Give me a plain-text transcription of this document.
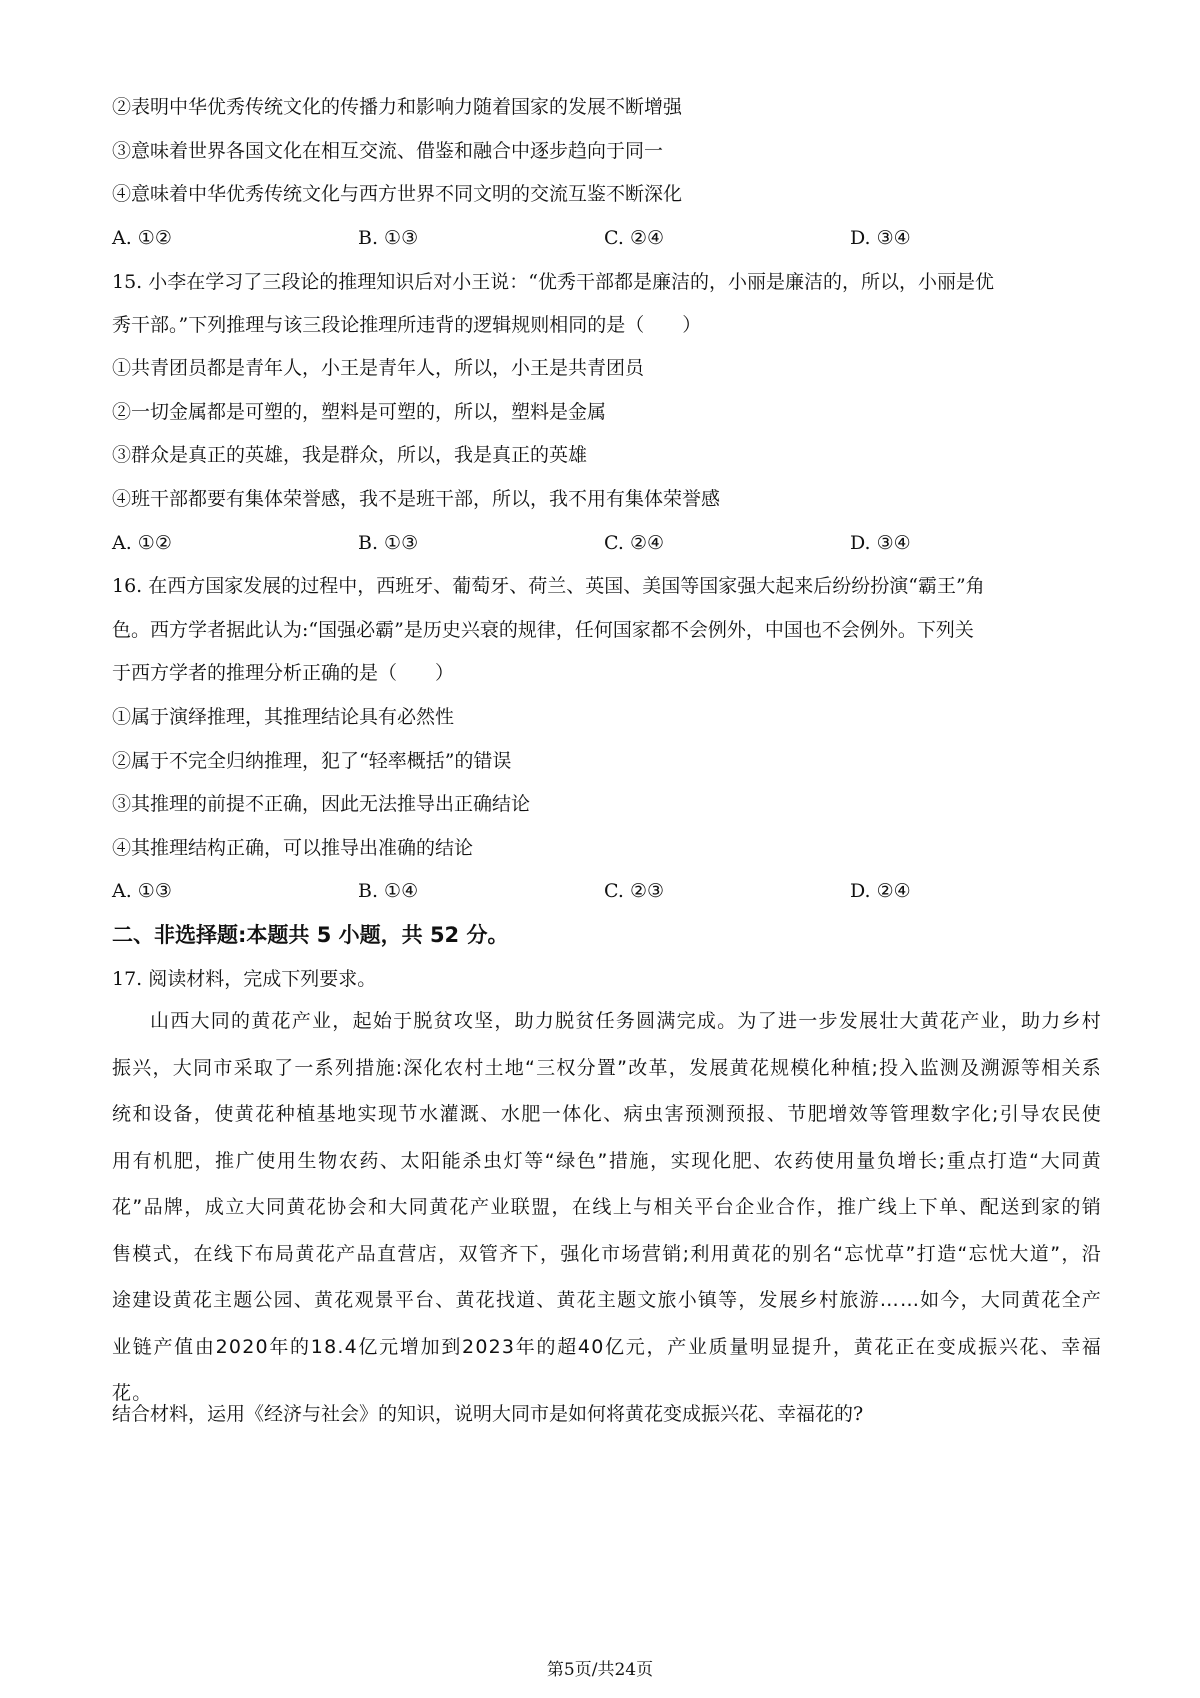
②表明中华优秀传统文化的传播力和影响力随着国家的发展不断增强
③意味着世界各国文化在相互交流、借鉴和融合中逐步趋向于同一
④意味着中华优秀传统文化与西方世界不同文明的交流互鉴不断深化
A. ①②	B. ①③	C. ②④	D. ③④
15. 小李在学习了三段论的推理知识后对小王说：“优秀干部都是廉洁的，小丽是廉洁的，所以，小丽是优
秀干部。”下列推理与该三段论推理所违背的逻辑规则相同的是（　　）
①共青团员都是青年人，小王是青年人，所以，小王是共青团员
②一切金属都是可塑的，塑料是可塑的，所以，塑料是金属
③群众是真正的英雄，我是群众，所以，我是真正的英雄
④班干部都要有集体荣誉感，我不是班干部，所以，我不用有集体荣誉感
A. ①②	B. ①③	C. ②④	D. ③④
16. 在西方国家发展的过程中，西班牙、葡萄牙、荷兰、英国、美国等国家强大起来后纷纷扮演“霸王”角
色。西方学者据此认为:“国强必霸”是历史兴衰的规律，任何国家都不会例外，中国也不会例外。下列关
于西方学者的推理分析正确的是（　　）
①属于演绎推理，其推理结论具有必然性
②属于不完全归纳推理，犯了“轻率概括”的错误
③其推理的前提不正确，因此无法推导出正确结论
④其推理结构正确，可以推导出准确的结论
A. ①③	B. ①④	C. ②③	D. ②④
二、非选择题:本题共 5 小题，共 52 分。
17. 阅读材料，完成下列要求。
山西大同的黄花产业，起始于脱贫攻坚，助力脱贫任务圆满完成。为了进一步发展壮大黄花产业，助力乡村振兴，大同市采取了一系列措施:深化农村土地“三权分置”改革，发展黄花规模化种植;投入监测及溯源等相关系统和设备，使黄花种植基地实现节水灌溉、水肥一体化、病虫害预测预报、节肥增效等管理数字化;引导农民使用有机肥，推广使用生物农药、太阳能杀虫灯等“绿色”措施，实现化肥、农药使用量负增长;重点打造“大同黄花”品牌，成立大同黄花协会和大同黄花产业联盟，在线上与相关平台企业合作，推广线上下单、配送到家的销售模式，在线下布局黄花产品直营店，双管齐下，强化市场营销;利用黄花的别名“忘忧草”打造“忘忧大道”，沿途建设黄花主题公园、黄花观景平台、黄花找道、黄花主题文旅小镇等，发展乡村旅游……如今，大同黄花全产业链产值由2020年的18.4亿元增加到2023年的超40亿元，产业质量明显提升，黄花正在变成振兴花、幸福花。
结合材料，运用《经济与社会》的知识，说明大同市是如何将黄花变成振兴花、幸福花的?
第5页/共24页
